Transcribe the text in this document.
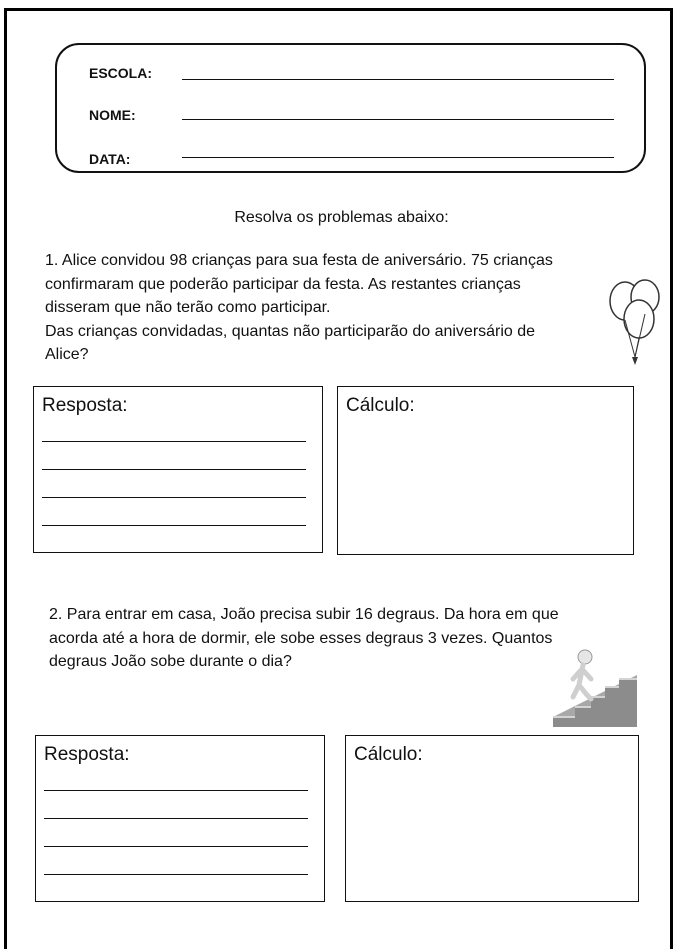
ESCOLA:
NOME:
DATA:
Resolva os problemas abaixo:
1. Alice convidou 98 crianças para sua festa de aniversário. 75 crianças
confirmaram que poderão participar da festa. As restantes crianças
disseram que não terão como participar.
Das crianças convidadas, quantas não participarão do aniversário de
Alice?
Resposta:	Cálculo:
2. Para entrar em casa, João precisa subir 16 degraus. Da hora em que
acorda até a hora de dormir, ele sobe esses degraus 3 vezes. Quantos
degraus João sobe durante o dia?
Resposta:	Cálculo:
